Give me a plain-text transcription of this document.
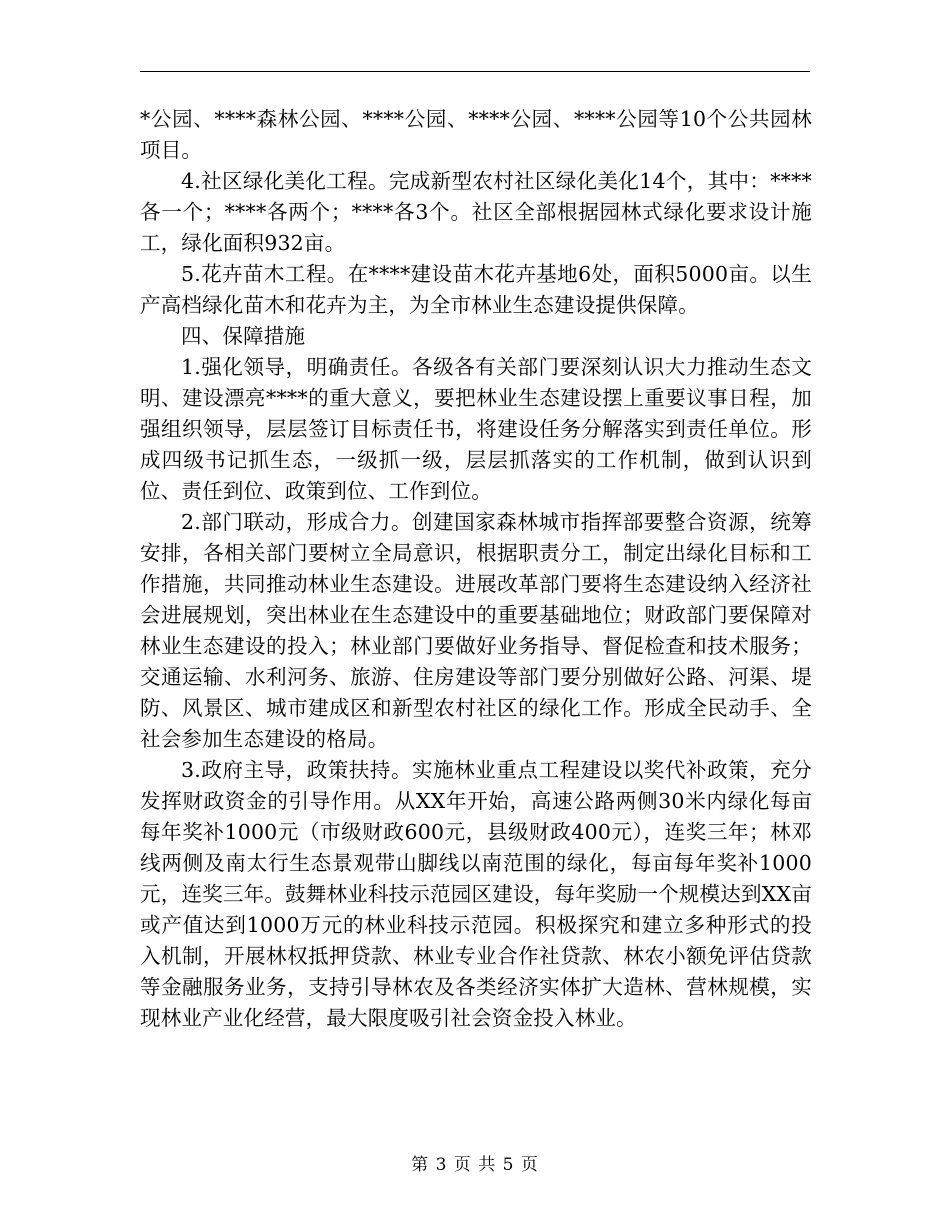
*公园、****森林公园、****公园、****公园、****公园等10个公共园林项目。

4.社区绿化美化工程。完成新型农村社区绿化美化14个，其中：****各一个；****各两个；****各3个。社区全部根据园林式绿化要求设计施工，绿化面积932亩。

5.花卉苗木工程。在****建设苗木花卉基地6处，面积5000亩。以生产高档绿化苗木和花卉为主，为全市林业生态建设提供保障。

四、保障措施

1.强化领导，明确责任。各级各有关部门要深刻认识大力推动生态文明、建设漂亮****的重大意义，要把林业生态建设摆上重要议事日程，加强组织领导，层层签订目标责任书，将建设任务分解落实到责任单位。形成四级书记抓生态，一级抓一级，层层抓落实的工作机制，做到认识到位、责任到位、政策到位、工作到位。

2.部门联动，形成合力。创建国家森林城市指挥部要整合资源，统筹安排，各相关部门要树立全局意识，根据职责分工，制定出绿化目标和工作措施，共同推动林业生态建设。进展改革部门要将生态建设纳入经济社会进展规划，突出林业在生态建设中的重要基础地位；财政部门要保障对林业生态建设的投入；林业部门要做好业务指导、督促检查和技术服务；交通运输、水利河务、旅游、住房建设等部门要分别做好公路、河渠、堤防、风景区、城市建成区和新型农村社区的绿化工作。形成全民动手、全社会参加生态建设的格局。

3.政府主导，政策扶持。实施林业重点工程建设以奖代补政策，充分发挥财政资金的引导作用。从XX年开始，高速公路两侧30米内绿化每亩每年奖补1000元（市级财政600元，县级财政400元），连奖三年；林邓线两侧及南太行生态景观带山脚线以南范围的绿化，每亩每年奖补1000元，连奖三年。鼓舞林业科技示范园区建设，每年奖励一个规模达到XX亩或产值达到1000万元的林业科技示范园。积极探究和建立多种形式的投入机制，开展林权抵押贷款、林业专业合作社贷款、林农小额免评估贷款等金融服务业务，支持引导林农及各类经济实体扩大造林、营林规模，实现林业产业化经营，最大限度吸引社会资金投入林业。

第 3 页 共 5 页
